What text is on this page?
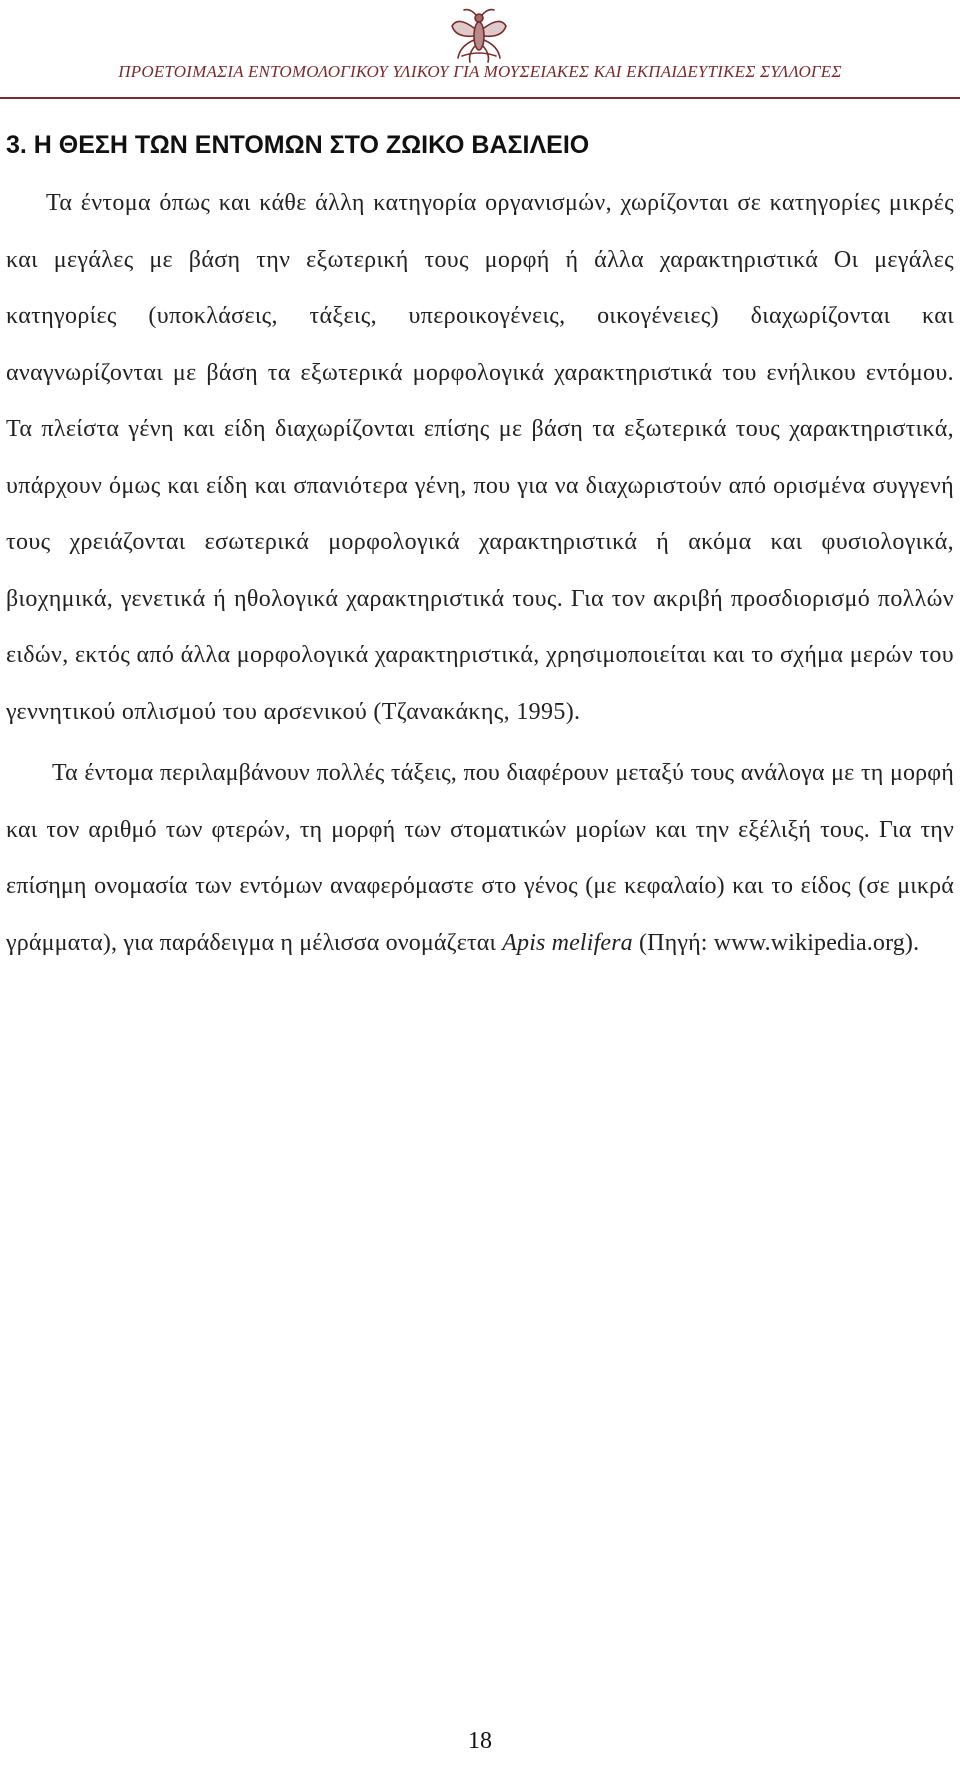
ΠΡΟΕΤΟΙΜΑΣΙΑ ΕΝΤΟΜΟΛΟΓΙΚΟΥ ΥΛΙΚΟΥ ΓΙΑ ΜΟΥΣΕΙΑΚΕΣ ΚΑΙ ΕΚΠΑΙΔΕΥΤΙΚΕΣ ΣΥΛΛΟΓΕΣ
3. Η ΘΕΣΗ ΤΩΝ ΕΝΤΟΜΩΝ ΣΤΟ ΖΩΙΚΟ ΒΑΣΙΛΕΙΟ

Τα έντομα όπως και κάθε άλλη κατηγορία οργανισμών, χωρίζονται σε κατηγορίες μικρές και μεγάλες με βάση την εξωτερική τους μορφή ή άλλα χαρακτηριστικά Οι μεγάλες κατηγορίες (υποκλάσεις, τάξεις, υπεροικογένεις, οικογένειες) διαχωρίζονται και αναγνωρίζονται με βάση τα εξωτερικά μορφολογικά χαρακτηριστικά του ενήλικου εντόμου. Τα πλείστα γένη και είδη διαχωρίζονται επίσης με βάση τα εξωτερικά τους χαρακτηριστικά, υπάρχουν όμως και είδη και σπανιότερα γένη, που για να διαχωριστούν από ορισμένα συγγενή τους χρειάζονται εσωτερικά μορφολογικά χαρακτηριστικά ή ακόμα και φυσιολογικά, βιοχημικά, γενετικά ή ηθολογικά χαρακτηριστικά τους. Για τον ακριβή προσδιορισμό πολλών ειδών, εκτός από άλλα μορφολογικά χαρακτηριστικά, χρησιμοποιείται και το σχήμα μερών του γεννητικού οπλισμού του αρσενικού (Τζανακάκης, 1995).

Τα έντομα περιλαμβάνουν πολλές τάξεις, που διαφέρουν μεταξύ τους ανάλογα με τη μορφή και τον αριθμό των φτερών, τη μορφή των στοματικών μορίων και την εξέλιξή τους. Για την επίσημη ονομασία των εντόμων αναφερόμαστε στο γένος (με κεφαλαίο) και το είδος (σε μικρά γράμματα), για παράδειγμα η μέλισσα ονομάζεται Apis melifera (Πηγή: www.wikipedia.org).

18
